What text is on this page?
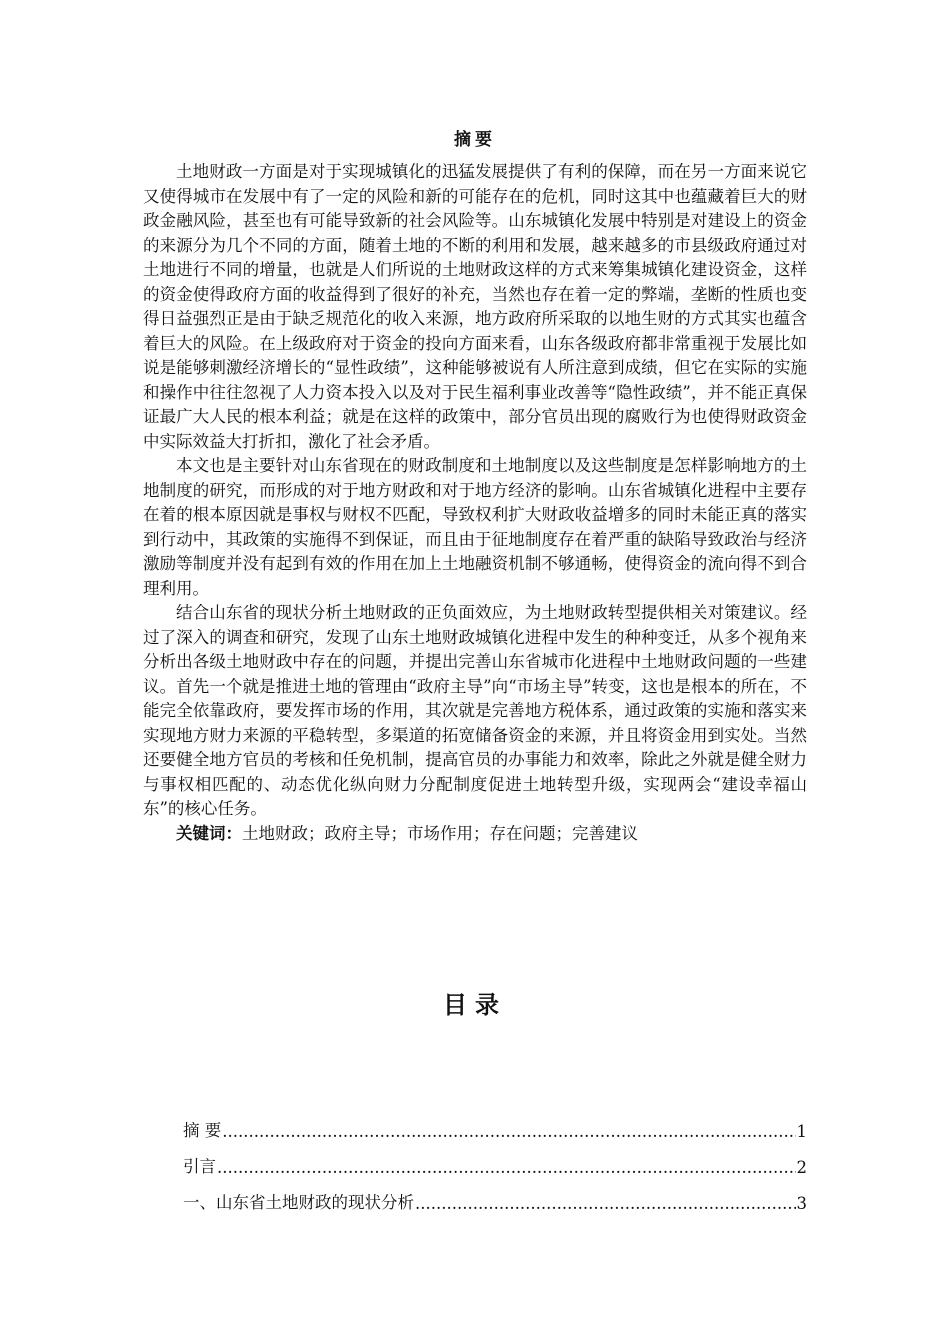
摘要

土地财政一方面是对于实现城镇化的迅猛发展提供了有利的保障，而在另一方面来说它又使得城市在发展中有了一定的风险和新的可能存在的危机，同时这其中也蕴藏着巨大的财政金融风险，甚至也有可能导致新的社会风险等。山东城镇化发展中特别是对建设上的资金的来源分为几个不同的方面，随着土地的不断的利用和发展，越来越多的市县级政府通过对土地进行不同的增量，也就是人们所说的土地财政这样的方式来筹集城镇化建设资金，这样的资金使得政府方面的收益得到了很好的补充，当然也存在着一定的弊端，垄断的性质也变得日益强烈正是由于缺乏规范化的收入来源，地方政府所采取的以地生财的方式其实也蕴含着巨大的风险。在上级政府对于资金的投向方面来看，山东各级政府都非常重视于发展比如说是能够刺激经济增长的“显性政绩”，这种能够被说有人所注意到成绩，但它在实际的实施和操作中往往忽视了人力资本投入以及对于民生福利事业改善等“隐性政绩”，并不能正真保证最广大人民的根本利益；就是在这样的政策中，部分官员出现的腐败行为也使得财政资金中实际效益大打折扣，激化了社会矛盾。

本文也是主要针对山东省现在的财政制度和土地制度以及这些制度是怎样影响地方的土地制度的研究，而形成的对于地方财政和对于地方经济的影响。山东省城镇化进程中主要存在着的根本原因就是事权与财权不匹配，导致权利扩大财政收益增多的同时未能正真的落实到行动中，其政策的实施得不到保证，而且由于征地制度存在着严重的缺陷导致政治与经济激励等制度并没有起到有效的作用在加上土地融资机制不够通畅，使得资金的流向得不到合理利用。

结合山东省的现状分析土地财政的正负面效应，为土地财政转型提供相关对策建议。经过了深入的调查和研究，发现了山东土地财政城镇化进程中发生的种种变迁，从多个视角来分析出各级土地财政中存在的问题，并提出完善山东省城市化进程中土地财政问题的一些建议。首先一个就是推进土地的管理由“政府主导”向“市场主导”转变，这也是根本的所在，不能完全依靠政府，要发挥市场的作用，其次就是完善地方税体系，通过政策的实施和落实来实现地方财力来源的平稳转型，多渠道的拓宽储备资金的来源，并且将资金用到实处。当然还要健全地方官员的考核和任免机制，提高官员的办事能力和效率，除此之外就是健全财力与事权相匹配的、动态优化纵向财力分配制度促进土地转型升级，实现两会“建设幸福山东”的核心任务。

关键词：土地财政；政府主导；市场作用；存在问题；完善建议

目录
摘 要 .....	1
引言 .....	2
一、山东省土地财政的现状分析 .....	3
